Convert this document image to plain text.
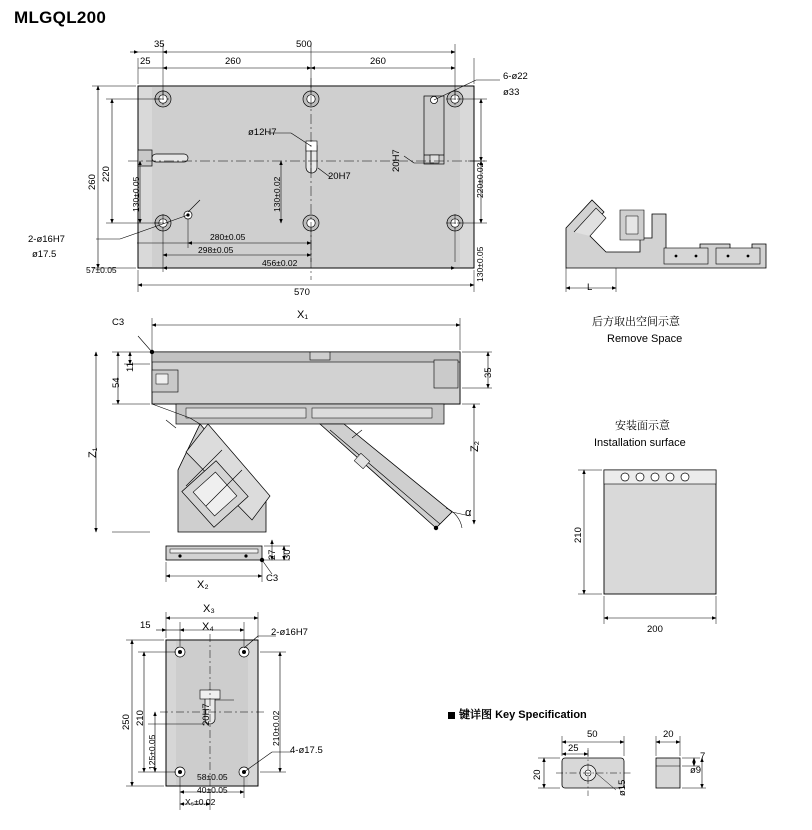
MLGQL200
35	500
25	260	260
6-ø22
ø33
260
220
130±0.05	130±0.02
ø12H7
20H7
20H7
220±0.02
130±0.05
2-ø16H7
ø17.5
57±0.05
280±0.05
298±0.05
456±0.02
570
C3
X₁
54
11
35
Z₁
Z₂
α
27 30
X₂
C3
X₃
X₄
15
2-ø16H7
250 210
125±0.05
20H7	210±0.02
4-ø17.5
X₅±0.02
40±0.05
58±0.05
L
后方取出空间示意
Remove Space
安装面示意
Installation surface
210
200
键详图 Key Specification
50
25
20
ø15
20
7
ø9
